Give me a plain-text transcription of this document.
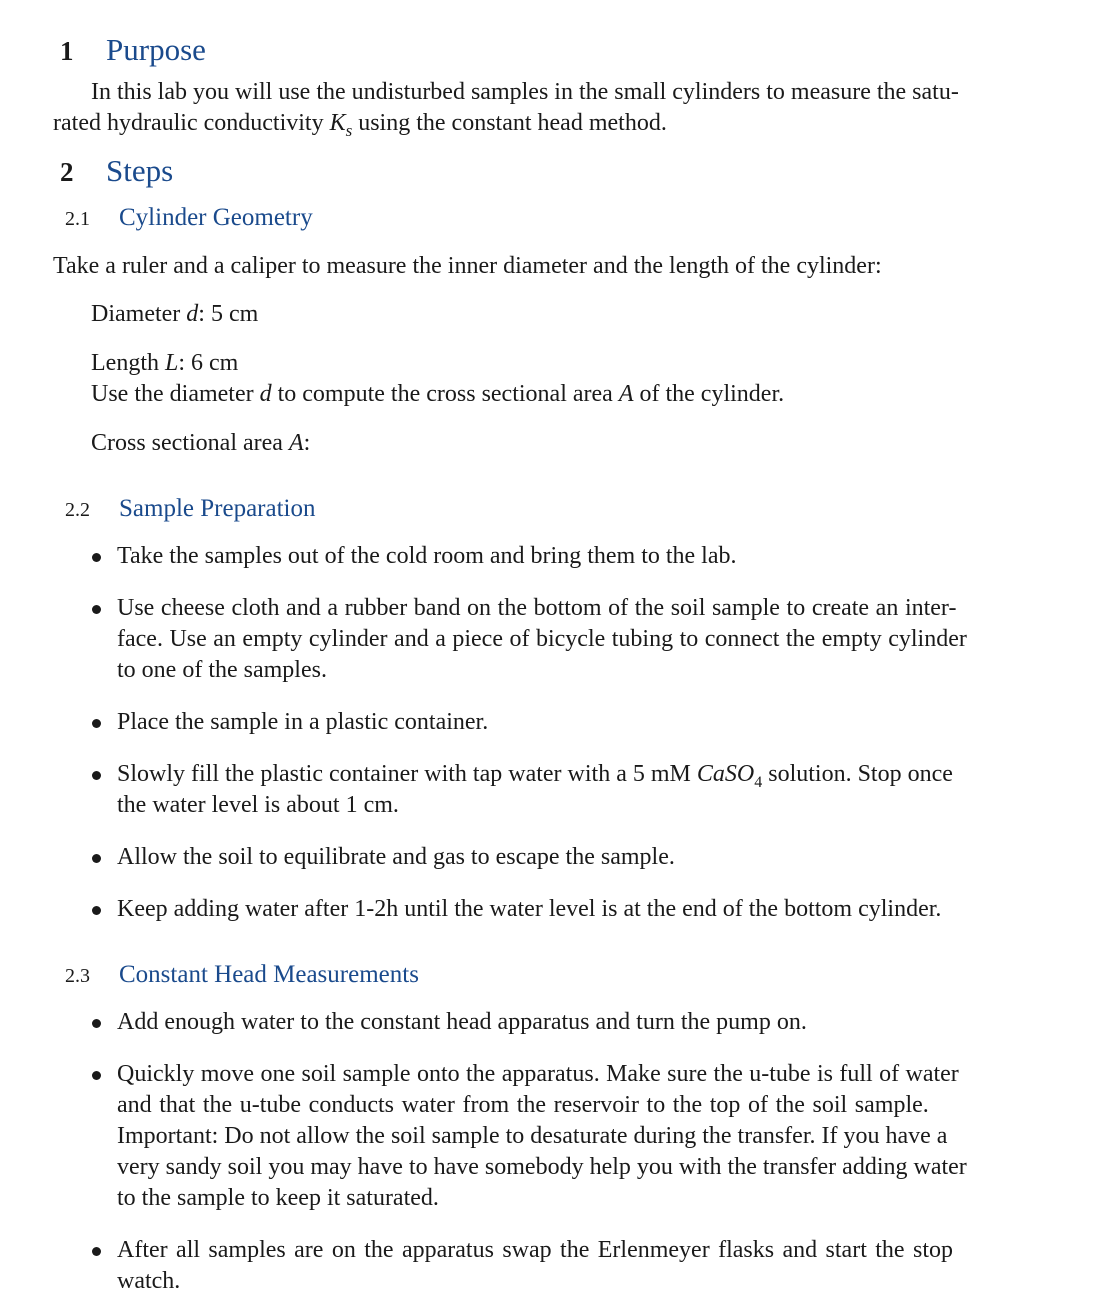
1 Purpose
In this lab you will use the undisturbed samples in the small cylinders to measure the satu-
rated hydraulic conductivity $K_s$ using the constant head method.
2 Steps
2.1 Cylinder Geometry
Take a ruler and a caliper to measure the inner diameter and the length of the cylinder:
Diameter d: 5 cm
Length L: 6 cm
Use the diameter d to compute the cross sectional area A of the cylinder.
Cross sectional area A:
2.2 Sample Preparation
Take the samples out of the cold room and bring them to the lab.
Use cheese cloth and a rubber band on the bottom of the soil sample to create an inter-
face. Use an empty cylinder and a piece of bicycle tubing to connect the empty cylinder
to one of the samples.
Place the sample in a plastic container.
Slowly fill the plastic container with tap water with a 5 mM CaSO$_4$ solution. Stop once
the water level is about 1 cm.
Allow the soil to equilibrate and gas to escape the sample.
Keep adding water after 1-2h until the water level is at the end of the bottom cylinder.
2.3 Constant Head Measurements
Add enough water to the constant head apparatus and turn the pump on.
Quickly move one soil sample onto the apparatus. Make sure the u-tube is full of water
and that the u-tube conducts water from the reservoir to the top of the soil sample.
Important: Do not allow the soil sample to desaturate during the transfer. If you have a
very sandy soil you may have to have somebody help you with the transfer adding water
to the sample to keep it saturated.
After all samples are on the apparatus swap the Erlenmeyer flasks and start the stop
watch.
